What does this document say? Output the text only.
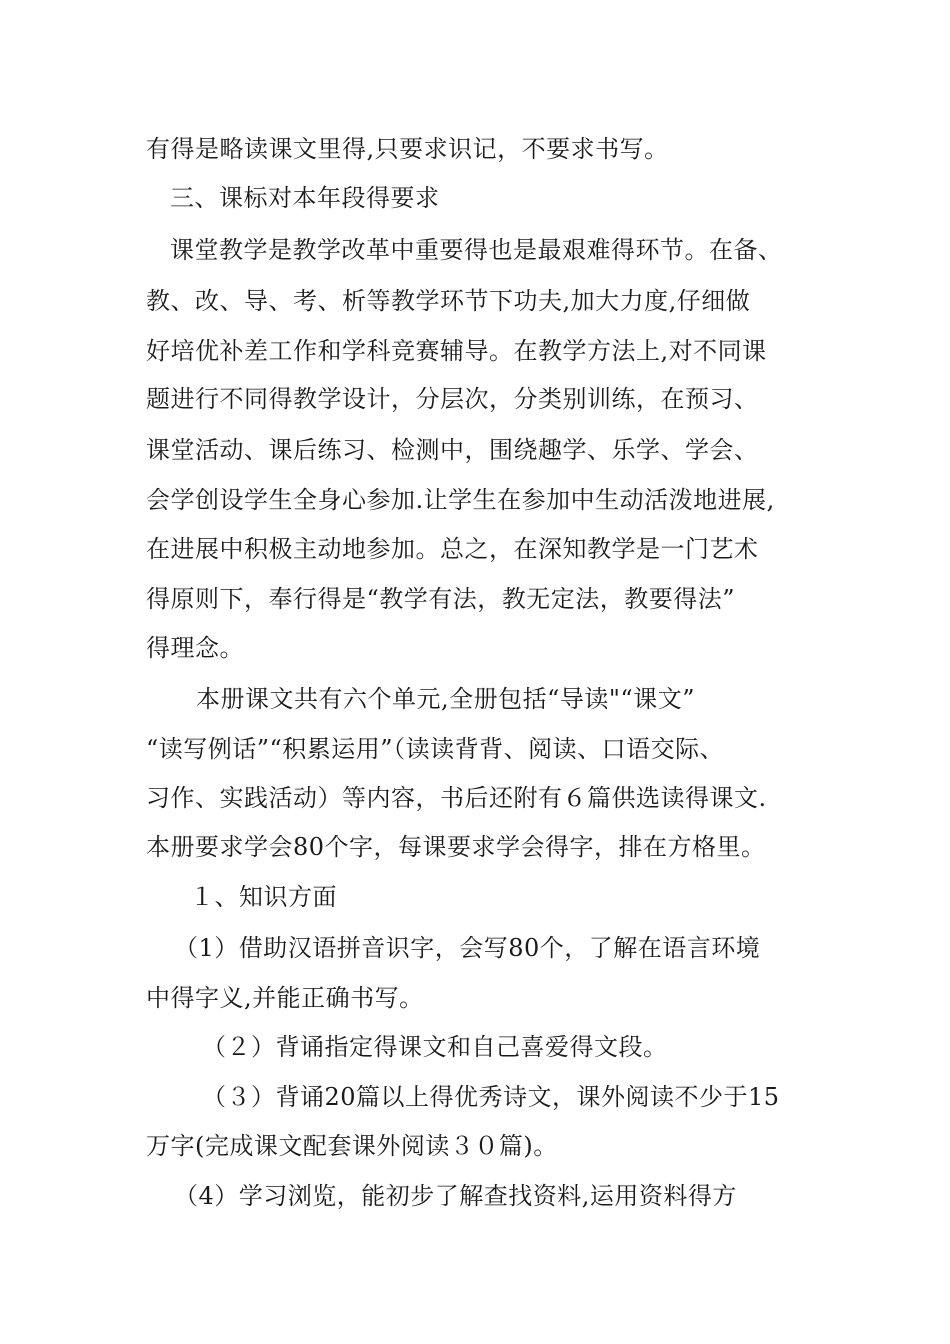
有得是略读课文里得,只要求识记，不要求书写。
三、课标对本年段得要求
课堂教学是教学改革中重要得也是最艰难得环节。在备、
教、改、导、考、析等教学环节下功夫,加大力度,仔细做
好培优补差工作和学科竞赛辅导。在教学方法上,对不同课
题进行不同得教学设计，分层次，分类别训练，在预习、
课堂活动、课后练习、检测中，围绕趣学、乐学、学会、
会学创设学生全身心参加.让学生在参加中生动活泼地进展,
在进展中积极主动地参加。总之，在深知教学是一门艺术
得原则下，奉行得是“教学有法，教无定法，教要得法”
得理念。
本册课文共有六个单元,全册包括“导读"“课文”
“读写例话”“积累运用”（读读背背、阅读、口语交际、
习作、实践活动）等内容，书后还附有６篇供选读得课文.
本册要求学会80个字，每课要求学会得字，排在方格里。
１、知识方面
（1）借助汉语拼音识字，会写80个，了解在语言环境
中得字义,并能正确书写。
（２）背诵指定得课文和自己喜爱得文段。
（３）背诵20篇以上得优秀诗文，课外阅读不少于15
万字(完成课文配套课外阅读３０篇)。
（4）学习浏览，能初步了解查找资料,运用资料得方
